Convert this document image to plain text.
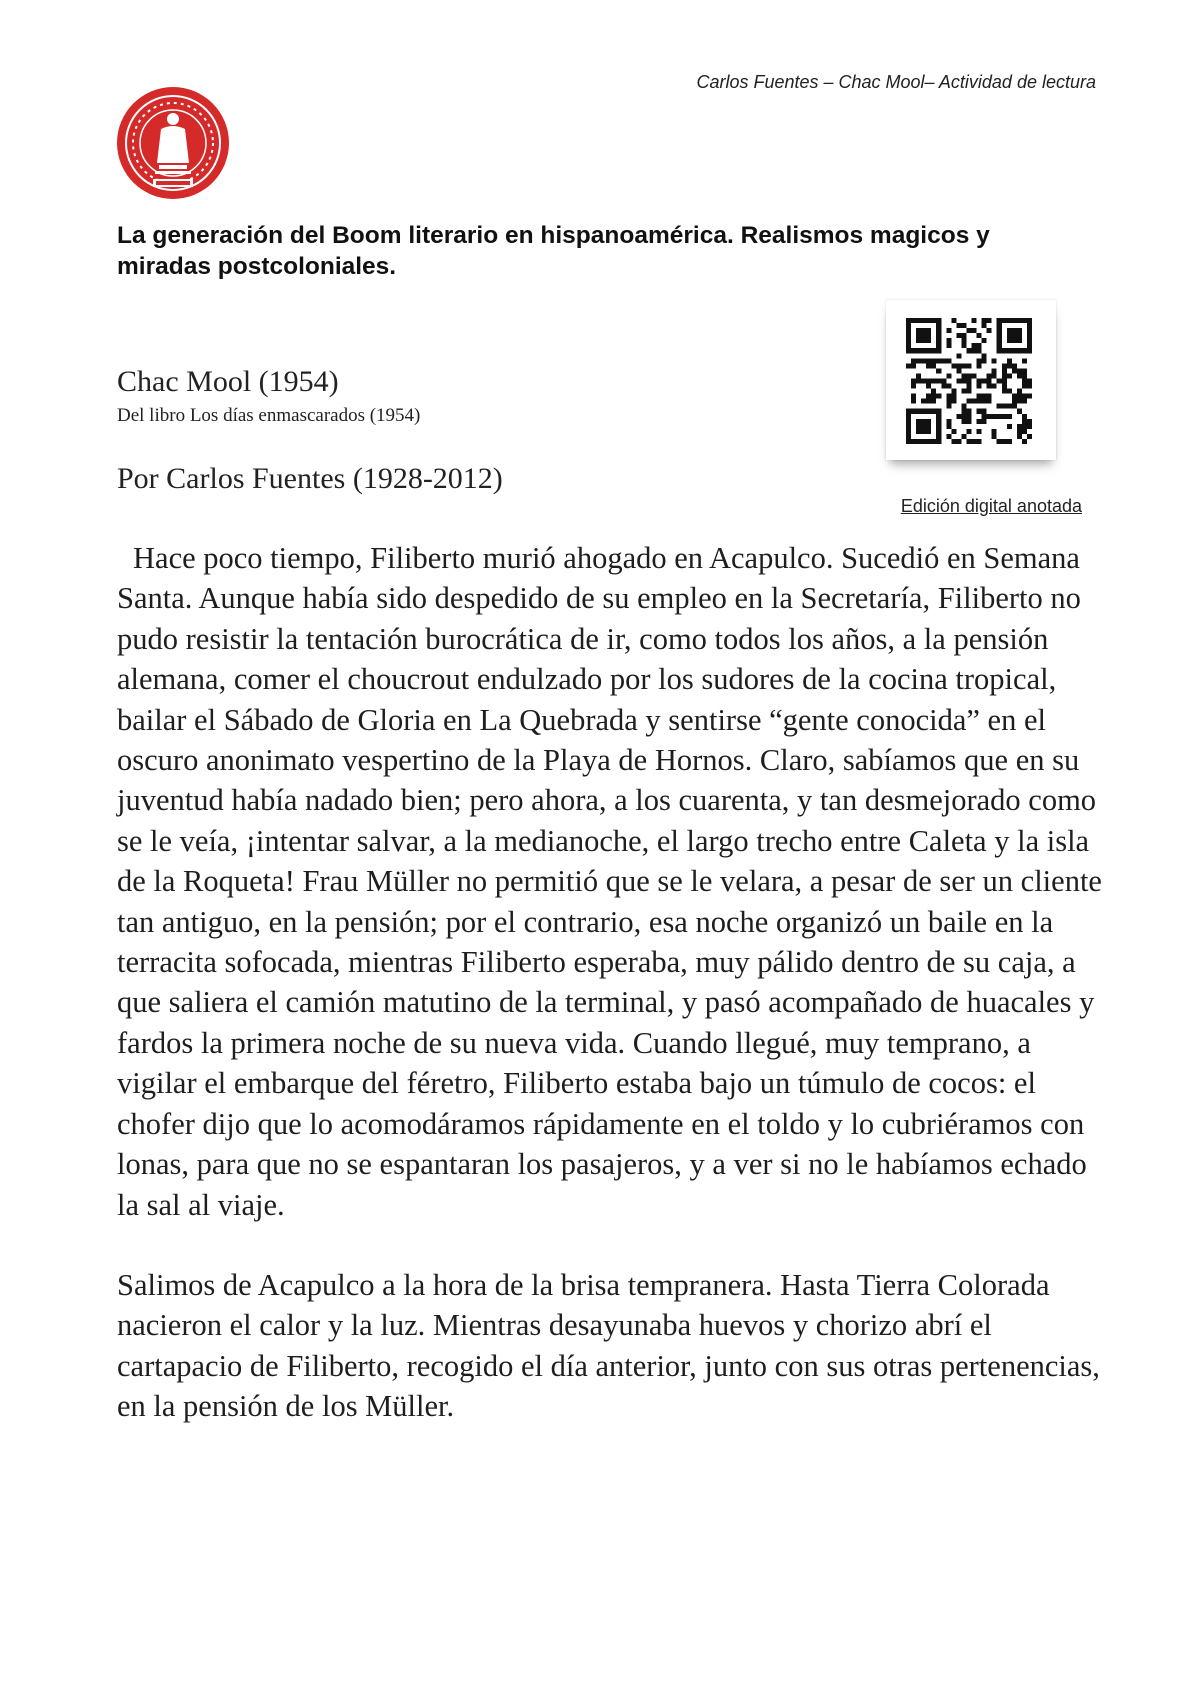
Carlos Fuentes – Chac Mool– Actividad de lectura
La generación del Boom literario en hispanoamérica. Realismos magicos y miradas postcoloniales.
Edición digital anotada
Chac Mool (1954)
Del libro Los días enmascarados (1954)
Por Carlos Fuentes (1928-2012)

Hace poco tiempo, Filiberto murió ahogado en Acapulco. Sucedió en Semana Santa. Aunque había sido despedido de su empleo en la Secretaría, Filiberto no pudo resistir la tentación burocrática de ir, como todos los años, a la pensión alemana, comer el choucrout endulzado por los sudores de la cocina tropical, bailar el Sábado de Gloria en La Quebrada y sentirse “gente conocida” en el oscuro anonimato vespertino de la Playa de Hornos. Claro, sabíamos que en su juventud había nadado bien; pero ahora, a los cuarenta, y tan desmejorado como se le veía, ¡intentar salvar, a la medianoche, el largo trecho entre Caleta y la isla de la Roqueta! Frau Müller no permitió que se le velara, a pesar de ser un cliente tan antiguo, en la pensión; por el contrario, esa noche organizó un baile en la terracita sofocada, mientras Filiberto esperaba, muy pálido dentro de su caja, a que saliera el camión matutino de la terminal, y pasó acompañado de huacales y fardos la primera noche de su nueva vida. Cuando llegué, muy temprano, a vigilar el embarque del féretro, Filiberto estaba bajo un túmulo de cocos: el chofer dijo que lo acomodáramos rápidamente en el toldo y lo cubriéramos con lonas, para que no se espantaran los pasajeros, y a ver si no le habíamos echado la sal al viaje.

Salimos de Acapulco a la hora de la brisa tempranera. Hasta Tierra Colorada nacieron el calor y la luz. Mientras desayunaba huevos y chorizo abrí el cartapacio de Filiberto, recogido el día anterior, junto con sus otras pertenencias, en la pensión de los Müller.
